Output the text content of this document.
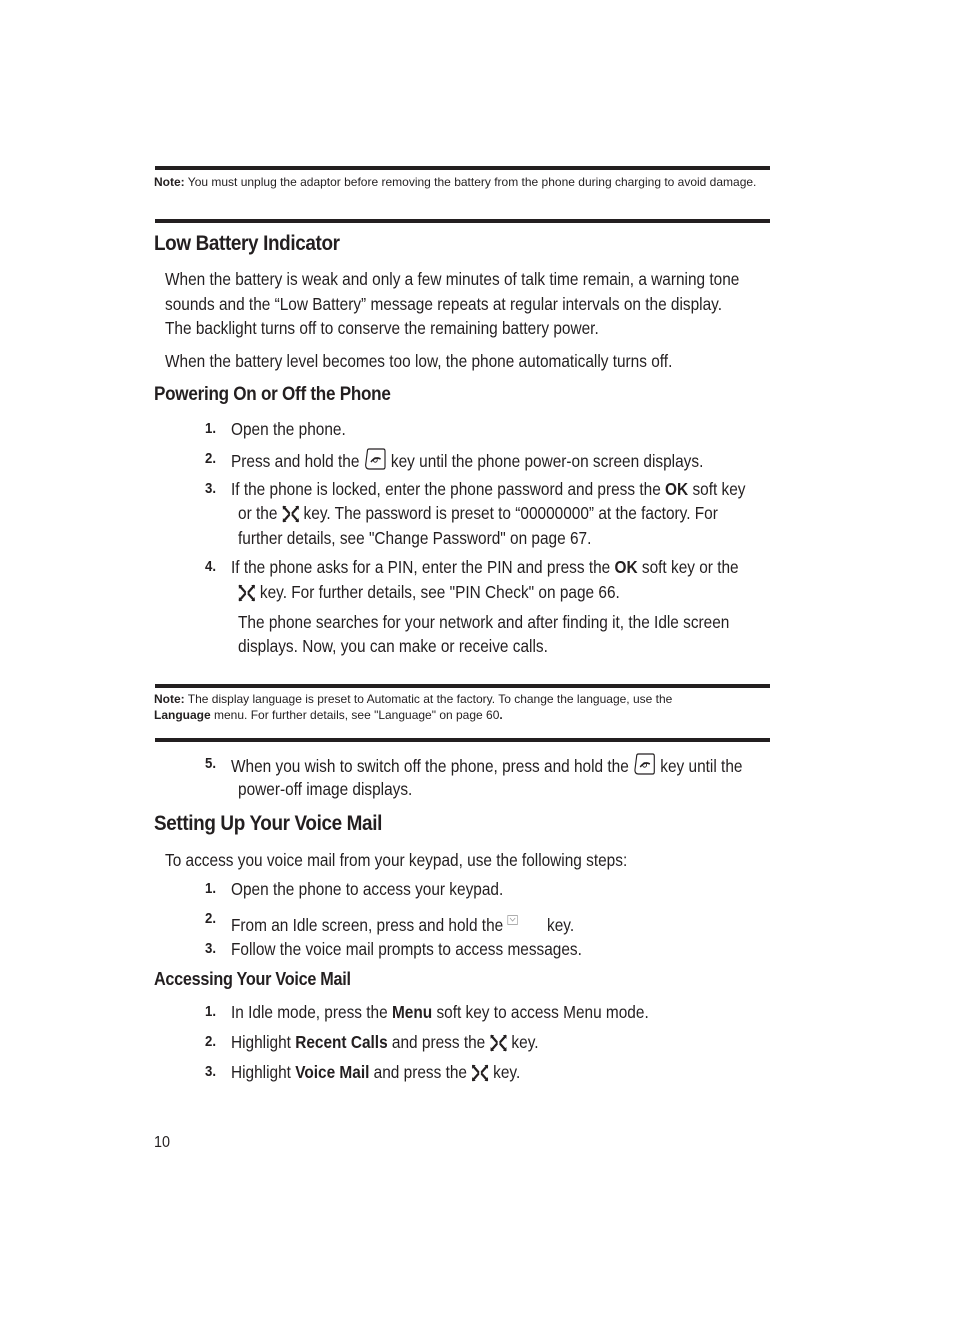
Note: You must unplug the adaptor before removing the battery from the phone during charging to avoid damage.
Low Battery Indicator
When the battery is weak and only a few minutes of talk time remain, a warning tone
sounds and the “Low Battery” message repeats at regular intervals on the display.
The backlight turns off to conserve the remaining battery power.
When the battery level becomes too low, the phone automatically turns off.
Powering On or Off the Phone
1. Open the phone.
2. Press and hold the key until the phone power-on screen displays.
3. If the phone is locked, enter the phone password and press the OK soft key
or the key. The password is preset to “00000000” at the factory. For
further details, see "Change Password" on page 67.
4. If the phone asks for a PIN, enter the PIN and press the OK soft key or the
key. For further details, see "PIN Check" on page 66.
The phone searches for your network and after finding it, the Idle screen
displays. Now, you can make or receive calls.
Note: The display language is preset to Automatic at the factory. To change the language, use the
Language menu. For further details, see "Language" on page 60.
5. When you wish to switch off the phone, press and hold the key until the
power-off image displays.
Setting Up Your Voice Mail
To access you voice mail from your keypad, use the following steps:
1. Open the phone to access your keypad.
2. From an Idle screen, press and hold the	key.
3. Follow the voice mail prompts to access messages.
Accessing Your Voice Mail
1. In Idle mode, press the Menu soft key to access Menu mode.
2. Highlight Recent Calls and press the key.
3. Highlight Voice Mail and press the key.
10
